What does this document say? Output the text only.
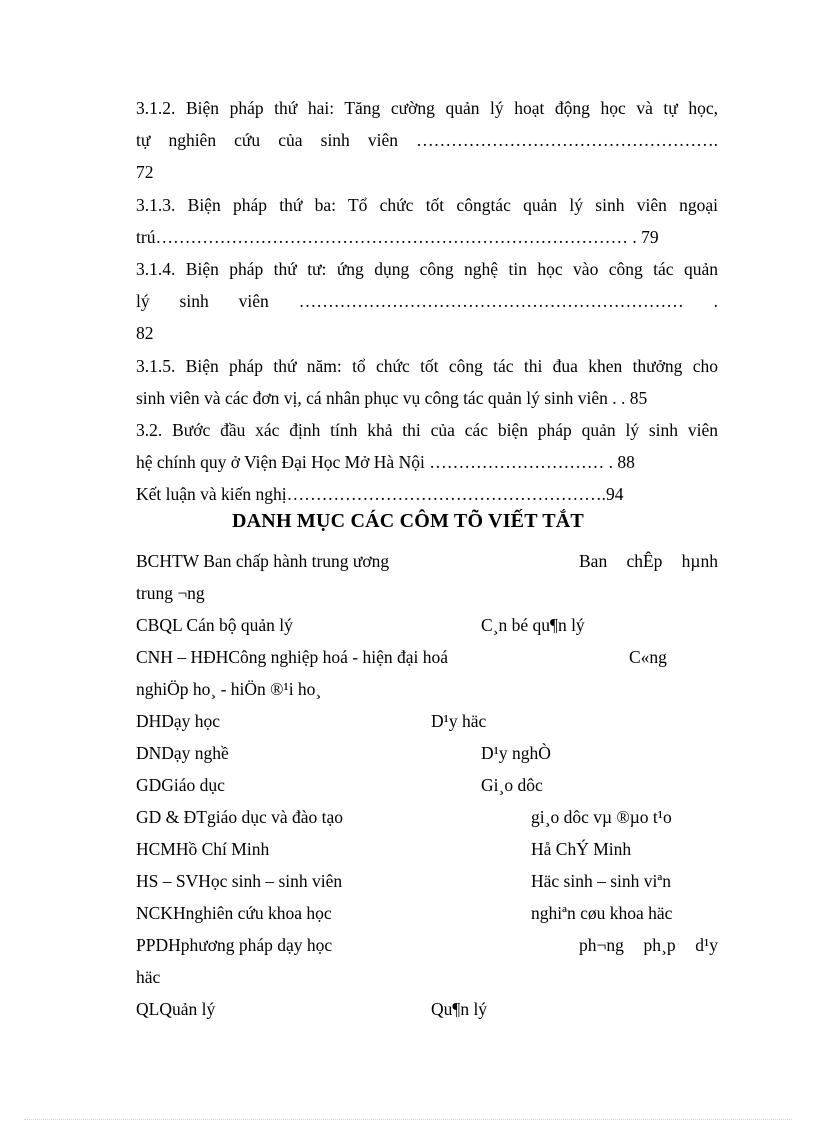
3.1.2. Biện pháp thứ hai: Tăng cường quản lý hoạt động học và tự học,

tự nghiên cứu của sinh viên …………………………………………….

72

3.1.3. Biện pháp thứ ba: Tổ chức tốt côngtác quản lý sinh viên ngoại

trú……………………………………………………………………… . 79

3.1.4. Biện pháp thứ tư: ứng dụng công nghệ tin học vào công tác quản

lý sinh viên ………………………………………………………… .

82

3.1.5. Biện pháp thứ năm: tổ chức tốt công tác thi đua khen thưởng cho

sinh viên và các đơn vị, cá nhân phục vụ công tác quản lý sinh viên . . 85

3.2. Bước đầu xác định tính khả thi của các biện pháp quản lý sinh viên

hệ chính quy ở Viện Đại Học Mở Hà Nội ………………………… . 88

Kết luận và kiến nghị……………………………………………….94

DANH MỤC CÁC CÔM TÕ VIẾT TẮT
BCHTW Ban chấp hành trung ương	Ban chÊp hµnh
trung ¬ng
CBQL Cán bộ quản lý	C¸n bé qu¶n lý
CNH – HĐHCông nghiệp hoá - hiện đại hoá	C«ng
nghiÖp ho¸ - hiÖn ®¹i ho¸
DHDạy học	D¹y häc
DNDạy nghề	D¹y nghÒ
GDGiáo dục	Gi¸o dôc
GD & ĐTgiáo dục và đào tạo	gi¸o dôc vµ ®µo t¹o
HCMHồ Chí Minh	Hå ChÝ Minh
HS – SVHọc sinh – sinh viên	Häc sinh – sinh viªn
NCKHnghiên cứu khoa học	nghiªn cøu khoa häc
PPDHphương pháp dạy học	ph¬ng ph¸p d¹y
häc
QLQuản lý	Qu¶n lý
